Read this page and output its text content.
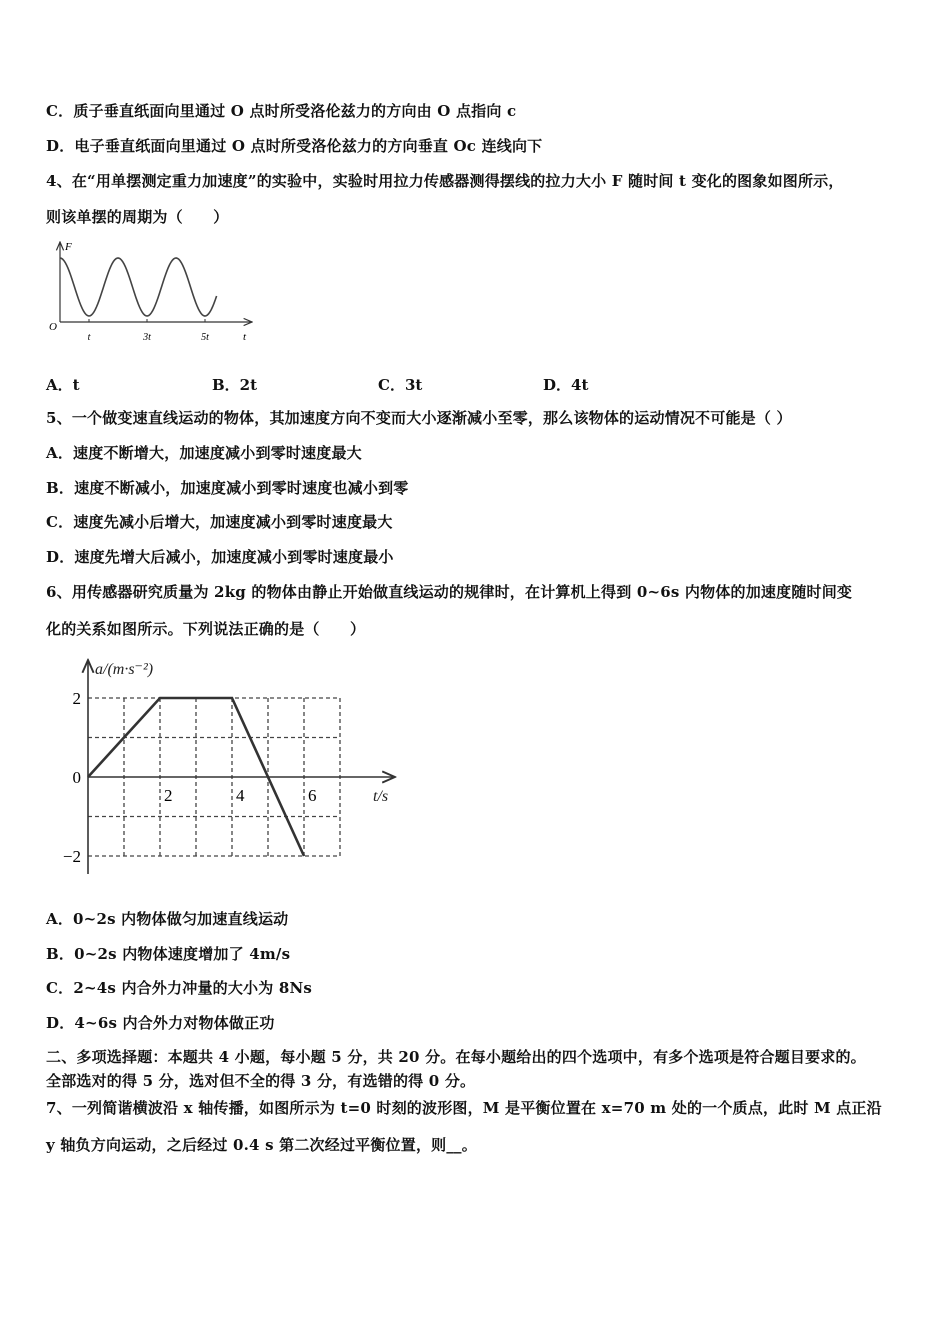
C．质子垂直纸面向里通过 O 点时所受洛伦兹力的方向由 O 点指向 c
D．电子垂直纸面向里通过 O 点时所受洛伦兹力的方向垂直 Oc 连线向下
4、在“用单摆测定重力加速度”的实验中，实验时用拉力传感器测得摆线的拉力大小 F 随时间 t 变化的图象如图所示，
则该单摆的周期为（　　）
F
t
O
t	3t	5t
A．t	B．2t	C．3t	D．4t
5、一个做变速直线运动的物体，其加速度方向不变而大小逐渐减小至零，那么该物体的运动情况不可能是（ ）
A．速度不断增大，加速度减小到零时速度最大
B．速度不断减小，加速度减小到零时速度也减小到零
C．速度先减小后增大，加速度减小到零时速度最大
D．速度先增大后减小，加速度减小到零时速度最小
6、用传感器研究质量为 2kg 的物体由静止开始做直线运动的规律时，在计算机上得到 0~6s 内物体的加速度随时间变
化的关系如图所示。下列说法正确的是（　　）
a/(m·s⁻²)
t/s
2	4	6
2
0
−2
A．0~2s 内物体做匀加速直线运动
B．0~2s 内物体速度增加了 4m/s
C．2~4s 内合外力冲量的大小为 8Ns
D．4~6s 内合外力对物体做正功
二、多项选择题：本题共 4 小题，每小题 5 分，共 20 分。在每小题给出的四个选项中，有多个选项是符合题目要求的。
全部选对的得 5 分，选对但不全的得 3 分，有选错的得 0 分。
7、一列简谐横波沿 x 轴传播，如图所示为 t=0 时刻的波形图，M 是平衡位置在 x=70 m 处的一个质点，此时 M 点正沿
y 轴负方向运动，之后经过 0.4 s 第二次经过平衡位置，则__。
